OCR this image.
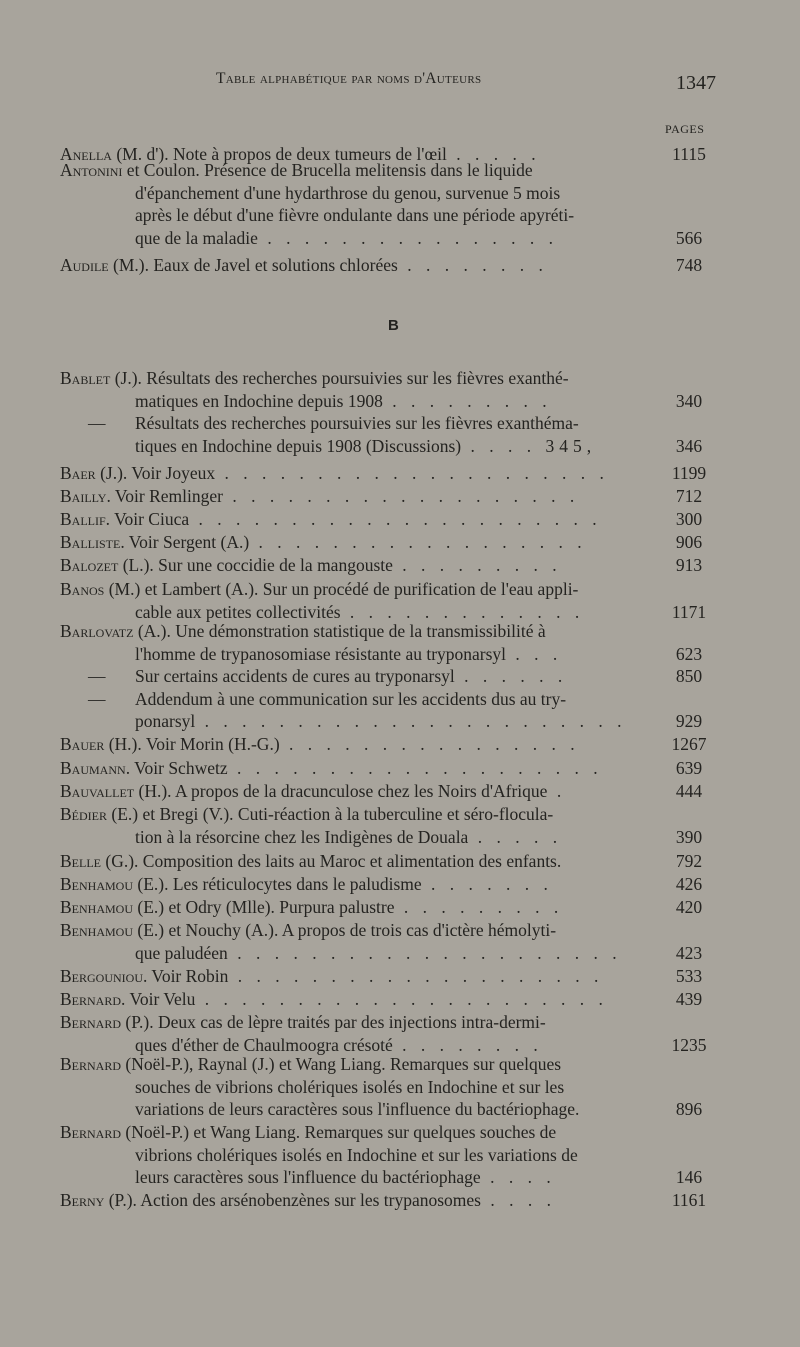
Table alphabétique par noms d'Auteurs	1347
PAGES
B
Anella (M. d'). Note à propos de deux tumeurs de l'œil . . . . .	1115
Antonini et Coulon. Présence de Brucella melitensis dans le liquide
d'épanchement d'une hydarthrose du genou, survenue 5 mois
après le début d'une fièvre ondulante dans une période apyréti-
que de la maladie . . . . . . . . . . . . . . . .	566
Audile (M.). Eaux de Javel et solutions chlorées . . . . . . . .	748
Bablet (J.). Résultats des recherches poursuivies sur les fièvres exanthé-
matiques en Indochine depuis 1908 . . . . . . . . .	340
— Résultats des recherches poursuivies sur les fièvres exanthéma-
tiques en Indochine depuis 1908 (Discussions) . . . . 345,	346
Baer (J.). Voir Joyeux . . . . . . . . . . . . . . . . . . . . .	1199
Bailly. Voir Remlinger . . . . . . . . . . . . . . . . . . .	712
Ballif. Voir Ciuca . . . . . . . . . . . . . . . . . . . . . .	300
Balliste. Voir Sergent (A.) . . . . . . . . . . . . . . . . . .	906
Balozet (L.). Sur une coccidie de la mangouste . . . . . . . . .	913
Banos (M.) et Lambert (A.). Sur un procédé de purification de l'eau appli-
cable aux petites collectivités . . . . . . . . . . . . .	1171
Barlovatz (A.). Une démonstration statistique de la transmissibilité à
l'homme de trypanosomiase résistante au tryponarsyl . . .	623
— Sur certains accidents de cures au tryponarsyl . . . . . .	850
— Addendum à une communication sur les accidents dus au try-
ponarsyl . . . . . . . . . . . . . . . . . . . . . . .	929
Bauer (H.). Voir Morin (H.-G.) . . . . . . . . . . . . . . . .	1267
Baumann. Voir Schwetz . . . . . . . . . . . . . . . . . . . .	639
Bauvallet (H.). A propos de la dracunculose chez les Noirs d'Afrique .	444
Bédier (E.) et Bregi (V.). Cuti-réaction à la tuberculine et séro-flocula-
tion à la résorcine chez les Indigènes de Douala . . . . .	390
Belle (G.). Composition des laits au Maroc et alimentation des enfants.	792
Benhamou (E.). Les réticulocytes dans le paludisme . . . . . . .	426
Benhamou (E.) et Odry (Mlle). Purpura palustre . . . . . . . . .	420
Benhamou (E.) et Nouchy (A.). A propos de trois cas d'ictère hémolyti-
que paludéen . . . . . . . . . . . . . . . . . . . . .	423
Bergouniou. Voir Robin . . . . . . . . . . . . . . . . . . . .	533
Bernard. Voir Velu . . . . . . . . . . . . . . . . . . . . . .	439
Bernard (P.). Deux cas de lèpre traités par des injections intra-dermi-
ques d'éther de Chaulmoogra crésoté . . . . . . . .	1235
Bernard (Noël-P.), Raynal (J.) et Wang Liang. Remarques sur quelques
souches de vibrions cholériques isolés en Indochine et sur les
variations de leurs caractères sous l'influence du bactériophage.	896
Bernard (Noël-P.) et Wang Liang. Remarques sur quelques souches de
vibrions cholériques isolés en Indochine et sur les variations de
leurs caractères sous l'influence du bactériophage . . . .	146
Berny (P.). Action des arsénobenzènes sur les trypanosomes . . . .	1161
